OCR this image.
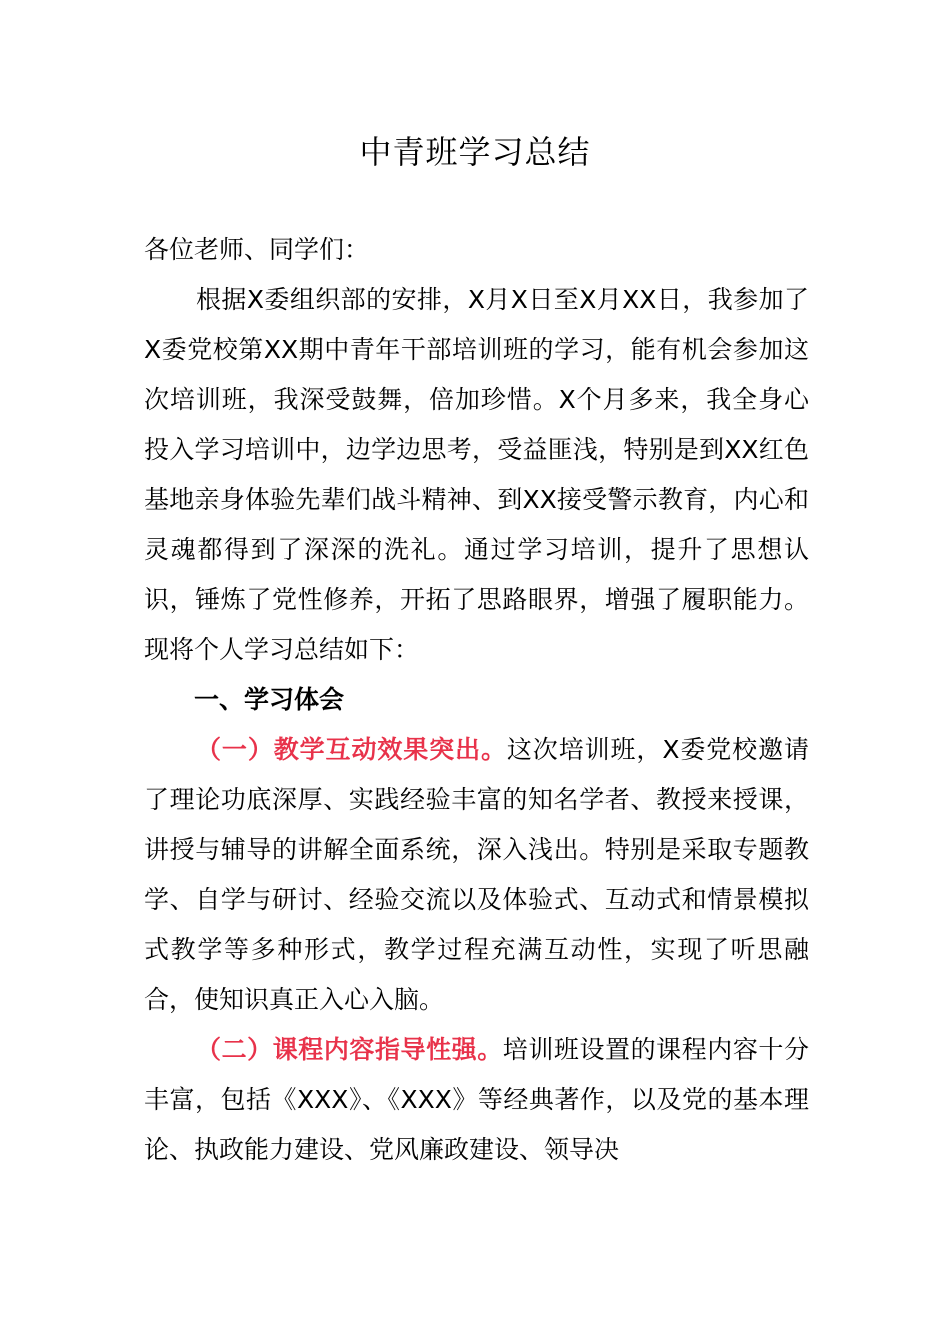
中青班学习总结

各位老师、同学们：

根据X委组织部的安排，X月X日至X月XX日，我参加了X委党校第XX期中青年干部培训班的学习，能有机会参加这次培训班，我深受鼓舞，倍加珍惜。X个月多来，我全身心投入学习培训中，边学边思考，受益匪浅，特别是到XX红色基地亲身体验先辈们战斗精神、到XX接受警示教育，内心和灵魂都得到了深深的洗礼。通过学习培训，提升了思想认识，锤炼了党性修养，开拓了思路眼界，增强了履职能力。现将个人学习总结如下：

一、学习体会

（一）教学互动效果突出。这次培训班，X委党校邀请了理论功底深厚、实践经验丰富的知名学者、教授来授课，讲授与辅导的讲解全面系统，深入浅出。特别是采取专题教学、自学与研讨、经验交流以及体验式、互动式和情景模拟式教学等多种形式，教学过程充满互动性，实现了听思融合，使知识真正入心入脑。

（二）课程内容指导性强。培训班设置的课程内容十分丰富，包括《XXX》、《XXX》等经典著作，以及党的基本理论、执政能力建设、党风廉政建设、领导决
